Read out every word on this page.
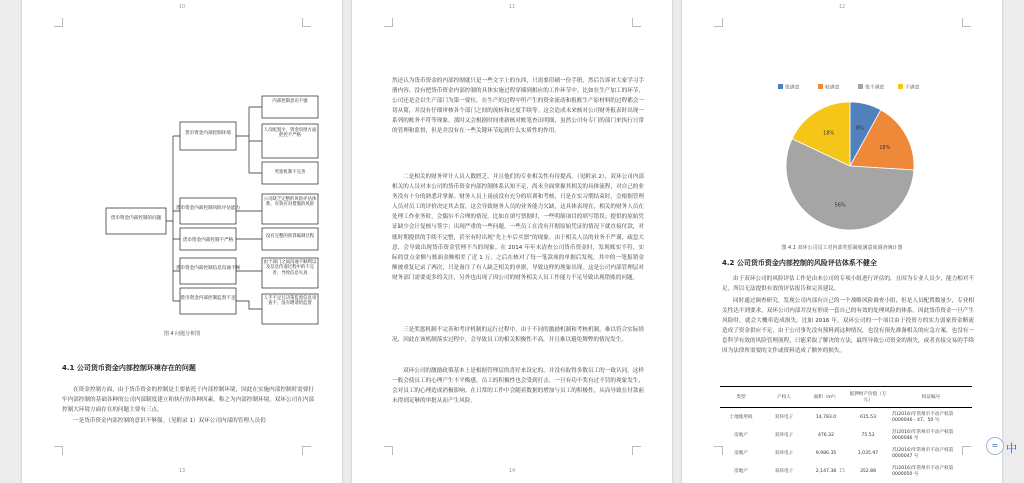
10
货币资金内部控制的问题
货币资金内部控制环境
货币资金内部控制风险评估能力
货币资金内部控制不严格
货币资金内部控制信息沟通不畅
货币资金内部控制监督不足
内部控制意识不强
人员配置少，资金审批方面把控不严格
奖惩机制不完善
公司缺乏完整的风险评估体系，有效应对措施的风险
没有完整的预算编制过程
由于部门之间沟通不顺利以及信息传递过程中的不完善，导致信息失真
人手不足且决策监督信息审查不，没有聘请的监督
图 4 问题分析图
4.1 公司货币资金内部控制环境存在的问题

在资金控制方面，由于货币资金的控制是主要依托于内部控制环境，因此在实施内部控制时需要打牢内部控制的基础各种的公司内部制度建立和执行的各种因素，称之为内部控制环境。双环公司在内部控制大环境方面存在的问题主要有三点。

一是货币资金内部控制的意识不够强。（见附录 1）双环公司内部的管理人员仍

13
11

然还认为货币资金的内部控制就只是一些文字上的东西，只需要印刷一份手册，然后告诉对大家学习手册内容。没有把货币资金内部控制的具体实施过程穿插到相应的工作环节中。比如在生产加工的环节，公司还是会以生产部门为第一要位，在生产的过程中所产生的资金流动和报账生产原材料的过程都会一切从简，并没有仔细审核各个部门之间的流转和过度手续等。这会造成未来核对公司财务报表时出现一系列的账务不符等现象。那时又会根据时间重新核对账笔查出明细，虽然公司有专门的部门来执行日常的管理和监督，但是并没有在一些关键环节起到什么实质性的作用。

二是相关的财务审计人员人数匮乏，并且他们的专业相关性有待提高。（见附录 2），双环公司内部相关的人员对本公司的货币资金内部控制体系认知不足，尚未全面掌握其相关的具体流程，对自己的业务没有十分的熟悉并掌握。财务人员上岗前没有充分的培训和考核，只是在实习期结束时，会根据管理人员对员工的评价决定其去留，这会导致财务人员的业务能力欠缺，这具体表现在，相关的财务人员在处理工作业务时，会偶尔不合理的情况。比如在填写票据时，一些明细项目的填写错误；提供的原始凭证缺少会计复核与签字；出现严重的一些问题，一些员工在没有开据原始凭证的情况下就直接付款，对账时期提供的手续不完整，甚至有时出现“先上车后买票”的现象。由于相关人员的业务不严谨，疏忽大意，会导致出现货币资金管理不当的现象。在 2014 年年末清查公司货币资金时，发现账实不符，实际的盘点金额与账面金额相差了近 1 万，之后在核对了每一笔款项的单据后发现，其中的一笔报销金额被重复记录了两次，只是备注了有人缺乏相关的单据，导致这样的现象出现。这是公司内部管理层对财务部门需要更多的关注，另外也出现了因公司的财务相关人员工作能力不足导致出现错账的问题。

三是奖惩机制不完善和考评机制的运行过程中，由于不同的激励机制和考核机制，难以符合实际情况，因此在该机制落实过程中，会导致员工的相关积极性不高，并且难以避免舞弊的情况发生。

双环公司的激励政策基本上是根据管理层的喜好来设定的，并没有取得多数员工的一致认同，这样一般会使员工的心理产生不平衡感，员工的积极性也会受到打击。一旦有功不奖有过不罚的现象发生，会对员工的心理造成消极影响。在日常的工作中会随着数据的增加与员工的积极性，从而导致在付款前未得到足够的审批从而产生风险。

14
12
很满意	较满意	很不满意	不满意
8%
18%
56%
18%
图 4.1 双环公司员工对内部奖惩制度满意度调查统计图
4.2 公司货币资金内部控制的风险评估体系不健全

由于双环公司的风险评估工作是由本公司的专项小组进行评估的，且因为专业人员少，能力相对不足，所以无法提供有效的评估报告和完善建议。

同时通过调查研究，发现公司内部有自己的一个战略风险调查小组，但是人员配置数量少，专业相关性达不到要求，双环公司内部并没有形成一套自己的有效的处理风险的体系。因此货币资金一旦产生风险时，就会大概率造成损失。比如 2016 年，双环公司的一个项目由于投资方的实力弱家资金断流造成了资金供应不足，由于公司事先没有预料到这种情况，也没有预先准备相关的应急方案，也没有一套科学有效的风险管理流程，只能采取了解决的方法，最终导致公司资金的损失，或者直接交易的手续因为法律所需要的文件或资料造成了额外的损失。

类型	产权人	面积（m²）	抵押财产价值（万元）	权证编号
土地使用权	双环电子	14,783.0	615.53	苏(2016)年常州市不动产权第 0000046 - 47、50 号
房地产	双环电子	476.32	75.53	苏(2016)年常州市不动产权第 0000046 号
房地产	双环电子	9,986.35	1,035.97	苏(2016)年常州市不动产权第 0000047 号
房地产	双环电子	2,147.38	352.88	苏(2016)年常州市不动产权第 0000050 号
15
≈ 中
